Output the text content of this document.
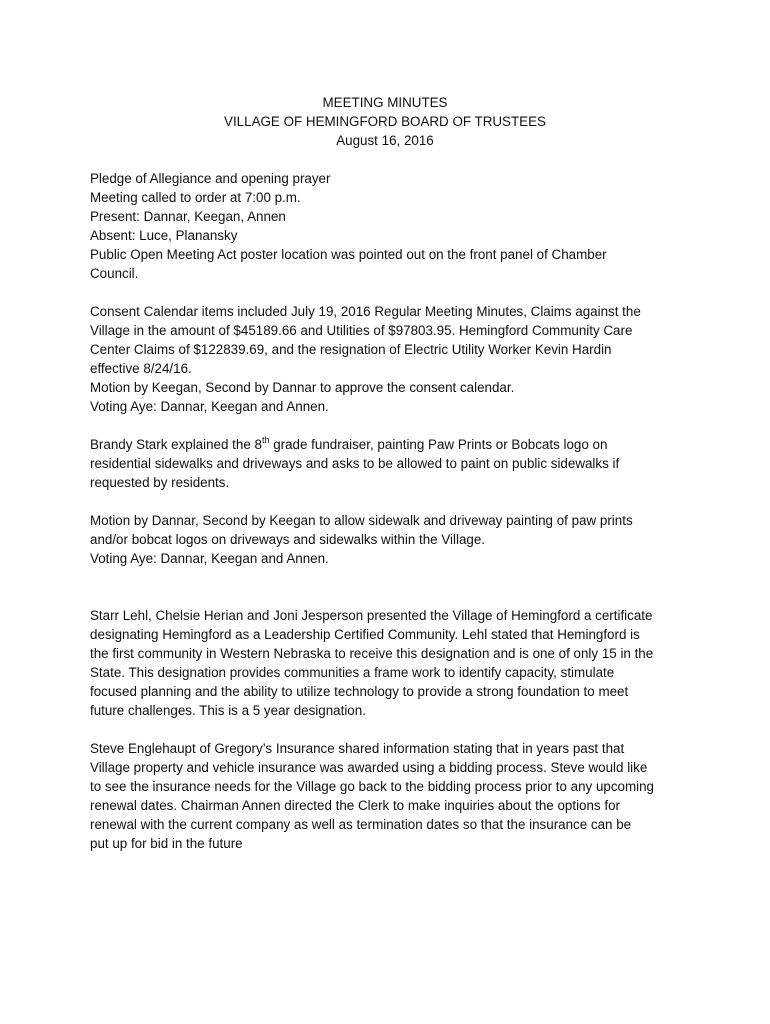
MEETING MINUTES
VILLAGE OF HEMINGFORD BOARD OF TRUSTEES
August 16, 2016
Pledge of Allegiance and opening prayer
Meeting called to order at 7:00 p.m.
Present: Dannar, Keegan, Annen
Absent: Luce, Planansky
Public Open Meeting Act poster location was pointed out on the front panel of Chamber
Council.
Consent Calendar items included July 19, 2016 Regular Meeting Minutes, Claims against the
Village in the amount of $45189.66 and Utilities of $97803.95. Hemingford Community Care
Center Claims of $122839.69, and the resignation of Electric Utility Worker Kevin Hardin
effective 8/24/16.
Motion by Keegan, Second by Dannar to approve the consent calendar.
Voting Aye: Dannar, Keegan and Annen.
Brandy Stark explained the 8th grade fundraiser, painting Paw Prints or Bobcats logo on
residential sidewalks and driveways and asks to be allowed to paint on public sidewalks if
requested by residents.
Motion by Dannar, Second by Keegan to allow sidewalk and driveway painting of paw prints
and/or bobcat logos on driveways and sidewalks within the Village.
Voting Aye: Dannar, Keegan and Annen.
Starr Lehl, Chelsie Herian and Joni Jesperson presented the Village of Hemingford a certificate
designating Hemingford as a Leadership Certified Community. Lehl stated that Hemingford is
the first community in Western Nebraska to receive this designation and is one of only 15 in the
State. This designation provides communities a frame work to identify capacity, stimulate
focused planning and the ability to utilize technology to provide a strong foundation to meet
future challenges. This is a 5 year designation.
Steve Englehaupt of Gregory’s Insurance shared information stating that in years past that
Village property and vehicle insurance was awarded using a bidding process. Steve would like
to see the insurance needs for the Village go back to the bidding process prior to any upcoming
renewal dates. Chairman Annen directed the Clerk to make inquiries about the options for
renewal with the current company as well as termination dates so that the insurance can be
put up for bid in the future
